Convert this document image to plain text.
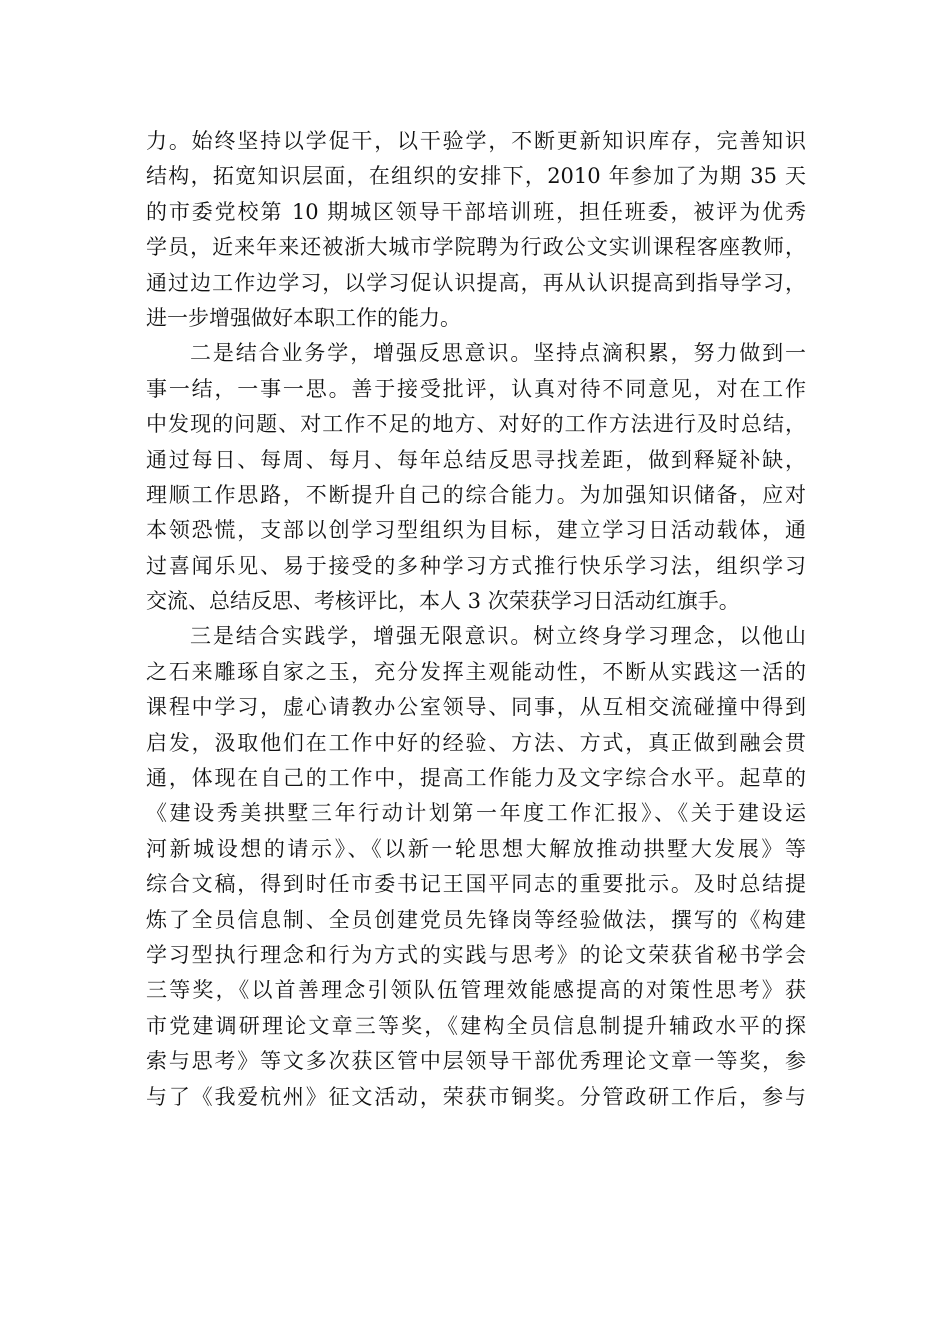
力。始终坚持以学促干，以干验学，不断更新知识库存，完善知识
结构，拓宽知识层面，在组织的安排下，2010 年参加了为期 35 天
的市委党校第 10 期城区领导干部培训班，担任班委，被评为优秀
学员，近来年来还被浙大城市学院聘为行政公文实训课程客座教师，
通过边工作边学习，以学习促认识提高，再从认识提高到指导学习，
进一步增强做好本职工作的能力。
二是结合业务学，增强反思意识。坚持点滴积累，努力做到一
事一结，一事一思。善于接受批评，认真对待不同意见，对在工作
中发现的问题、对工作不足的地方、对好的工作方法进行及时总结，
通过每日、每周、每月、每年总结反思寻找差距，做到释疑补缺，
理顺工作思路，不断提升自己的综合能力。为加强知识储备，应对
本领恐慌，支部以创学习型组织为目标，建立学习日活动载体，通
过喜闻乐见、易于接受的多种学习方式推行快乐学习法，组织学习
交流、总结反思、考核评比，本人 3 次荣获学习日活动红旗手。
三是结合实践学，增强无限意识。树立终身学习理念，以他山
之石来雕琢自家之玉，充分发挥主观能动性，不断从实践这一活的
课程中学习，虚心请教办公室领导、同事，从互相交流碰撞中得到
启发，汲取他们在工作中好的经验、方法、方式，真正做到融会贯
通，体现在自己的工作中，提高工作能力及文字综合水平。起草的
《建设秀美拱墅三年行动计划第一年度工作汇报》、《关于建设运
河新城设想的请示》、《以新一轮思想大解放推动拱墅大发展》等
综合文稿，得到时任市委书记王国平同志的重要批示。及时总结提
炼了全员信息制、全员创建党员先锋岗等经验做法，撰写的《构建
学习型执行理念和行为方式的实践与思考》的论文荣获省秘书学会
三等奖，《以首善理念引领队伍管理效能感提高的对策性思考》获
市党建调研理论文章三等奖，《建构全员信息制提升辅政水平的探
索与思考》等文多次获区管中层领导干部优秀理论文章一等奖，参
与了《我爱杭州》征文活动，荣获市铜奖。分管政研工作后，参与
